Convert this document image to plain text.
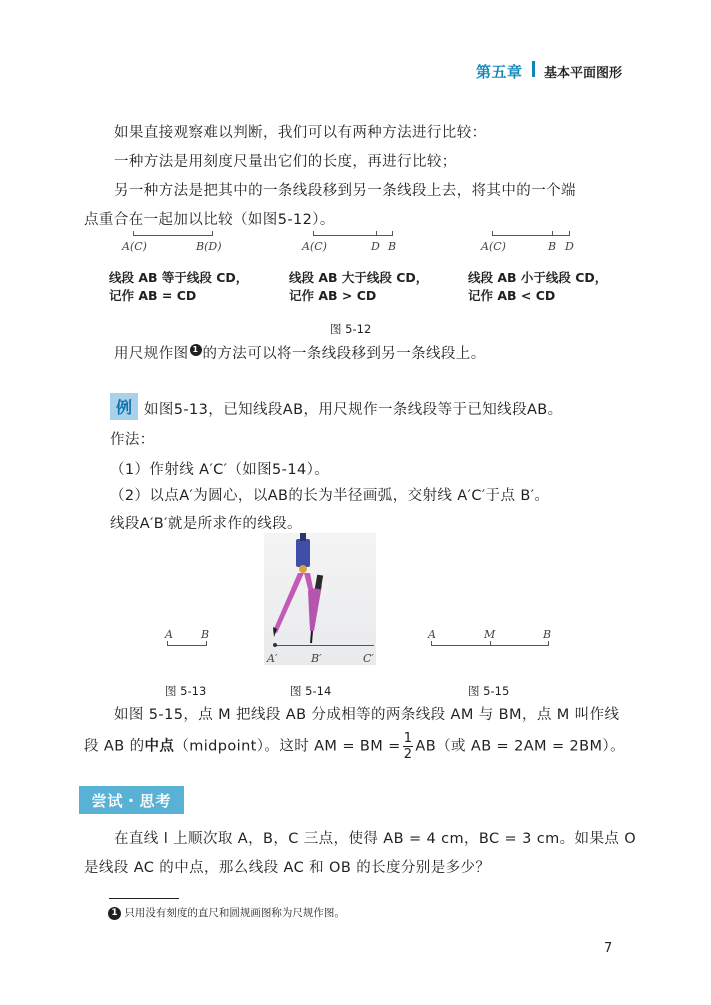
第五章 基本平面图形
如果直接观察难以判断，我们可以有两种方法进行比较：
一种方法是用刻度尺量出它们的长度，再进行比较；
另一种方法是把其中的一条线段移到另一条线段上去，将其中的一个端
点重合在一起加以比较（如图5-12）。
A(C)	B(D)	A(C)	D B	A(C)	B D
线段 AB 等于线段 CD，
记作 AB = CD
线段 AB 大于线段 CD，
记作 AB > CD
线段 AB 小于线段 CD，
记作 AB < CD
图 5-12
用尺规作图 1 的方法可以将一条线段移到另一条线段上。
例 如图5-13，已知线段AB，用尺规作一条线段等于已知线段AB。
作法：
（1）作射线 A′C′（如图5-14）。
（2）以点A′为圆心，以AB的长为半径画弧，交射线 A′C′于点 B′。
线段A′B′就是所求作的线段。
A	B
图 5-13
A′	B′	C′
图 5-14
A	M	B
图 5-15
如图 5-15，点 M 把线段 AB 分成相等的两条线段 AM 与 BM，点 M 叫作线
段 AB 的中点（midpoint）。这时 AM = BM = $\frac{1}{2} AB$（或 AB = 2AM = 2BM）。
尝试・思考
在直线 l 上顺次取 A，B，C 三点，使得 AB = 4 cm，BC = 3 cm。如果点 O
是线段 AC 的中点，那么线段 AC 和 OB 的长度分别是多少？
1 只用没有刻度的直尺和圆规画图称为尺规作图。
7
